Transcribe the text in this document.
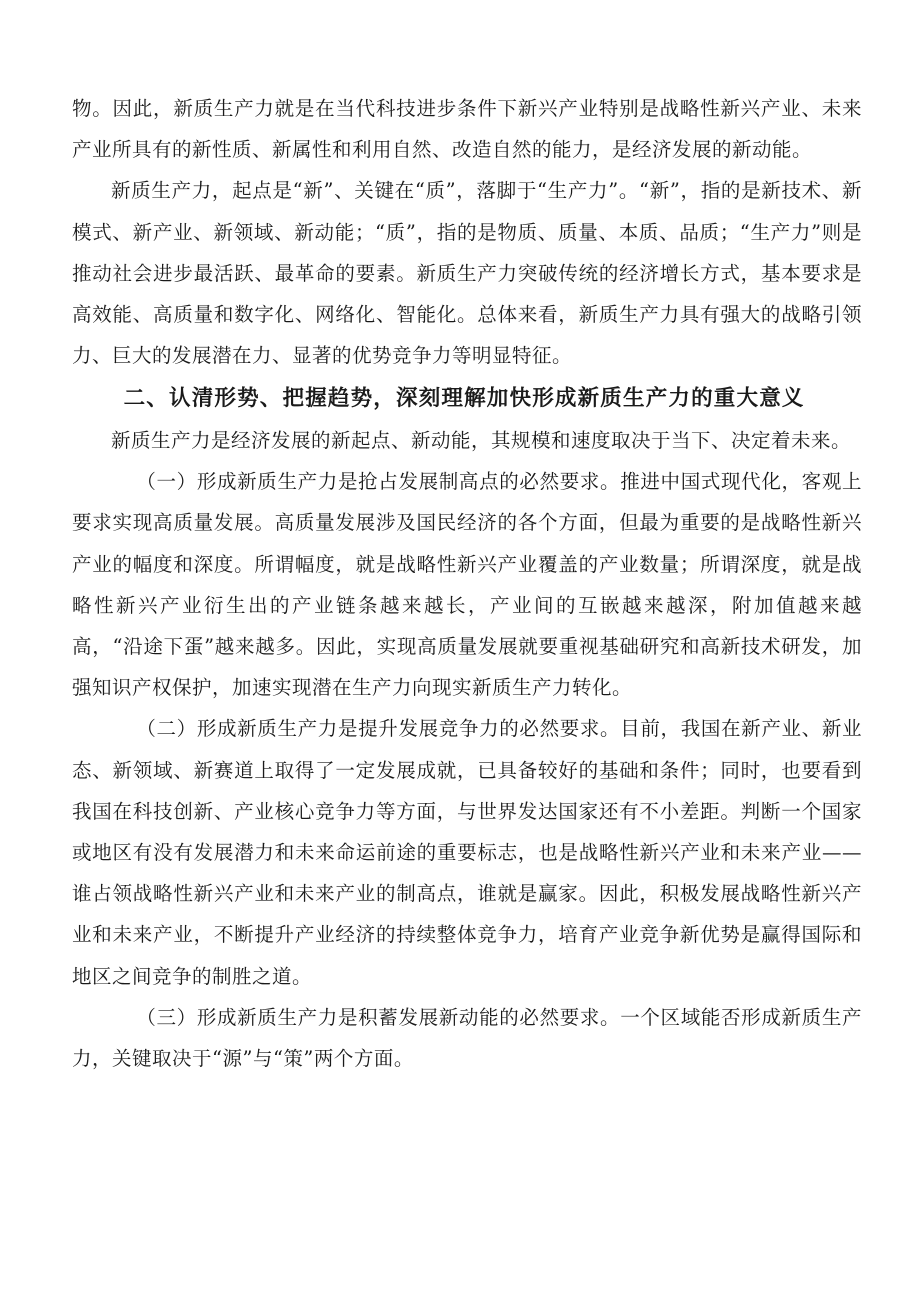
物。因此，新质生产力就是在当代科技进步条件下新兴产业特别是战略性新兴产业、未来产业所具有的新性质、新属性和利用自然、改造自然的能力，是经济发展的新动能。

新质生产力，起点是“新”、关键在“质”，落脚于“生产力”。“新”，指的是新技术、新模式、新产业、新领域、新动能；“质”，指的是物质、质量、本质、品质；“生产力”则是推动社会进步最活跃、最革命的要素。新质生产力突破传统的经济增长方式，基本要求是高效能、高质量和数字化、网络化、智能化。总体来看，新质生产力具有强大的战略引领力、巨大的发展潜在力、显著的优势竞争力等明显特征。

二、认清形势、把握趋势，深刻理解加快形成新质生产力的重大意义

新质生产力是经济发展的新起点、新动能，其规模和速度取决于当下、决定着未来。

（一）形成新质生产力是抢占发展制高点的必然要求。推进中国式现代化，客观上要求实现高质量发展。高质量发展涉及国民经济的各个方面，但最为重要的是战略性新兴产业的幅度和深度。所谓幅度，就是战略性新兴产业覆盖的产业数量；所谓深度，就是战略性新兴产业衍生出的产业链条越来越长，产业间的互嵌越来越深，附加值越来越高，“沿途下蛋”越来越多。因此，实现高质量发展就要重视基础研究和高新技术研发，加强知识产权保护，加速实现潜在生产力向现实新质生产力转化。

（二）形成新质生产力是提升发展竞争力的必然要求。目前，我国在新产业、新业态、新领域、新赛道上取得了一定发展成就，已具备较好的基础和条件；同时，也要看到我国在科技创新、产业核心竞争力等方面，与世界发达国家还有不小差距。判断一个国家或地区有没有发展潜力和未来命运前途的重要标志，也是战略性新兴产业和未来产业——谁占领战略性新兴产业和未来产业的制高点，谁就是赢家。因此，积极发展战略性新兴产业和未来产业，不断提升产业经济的持续整体竞争力，培育产业竞争新优势是赢得国际和地区之间竞争的制胜之道。

（三）形成新质生产力是积蓄发展新动能的必然要求。一个区域能否形成新质生产力，关键取决于“源”与“策”两个方面。
